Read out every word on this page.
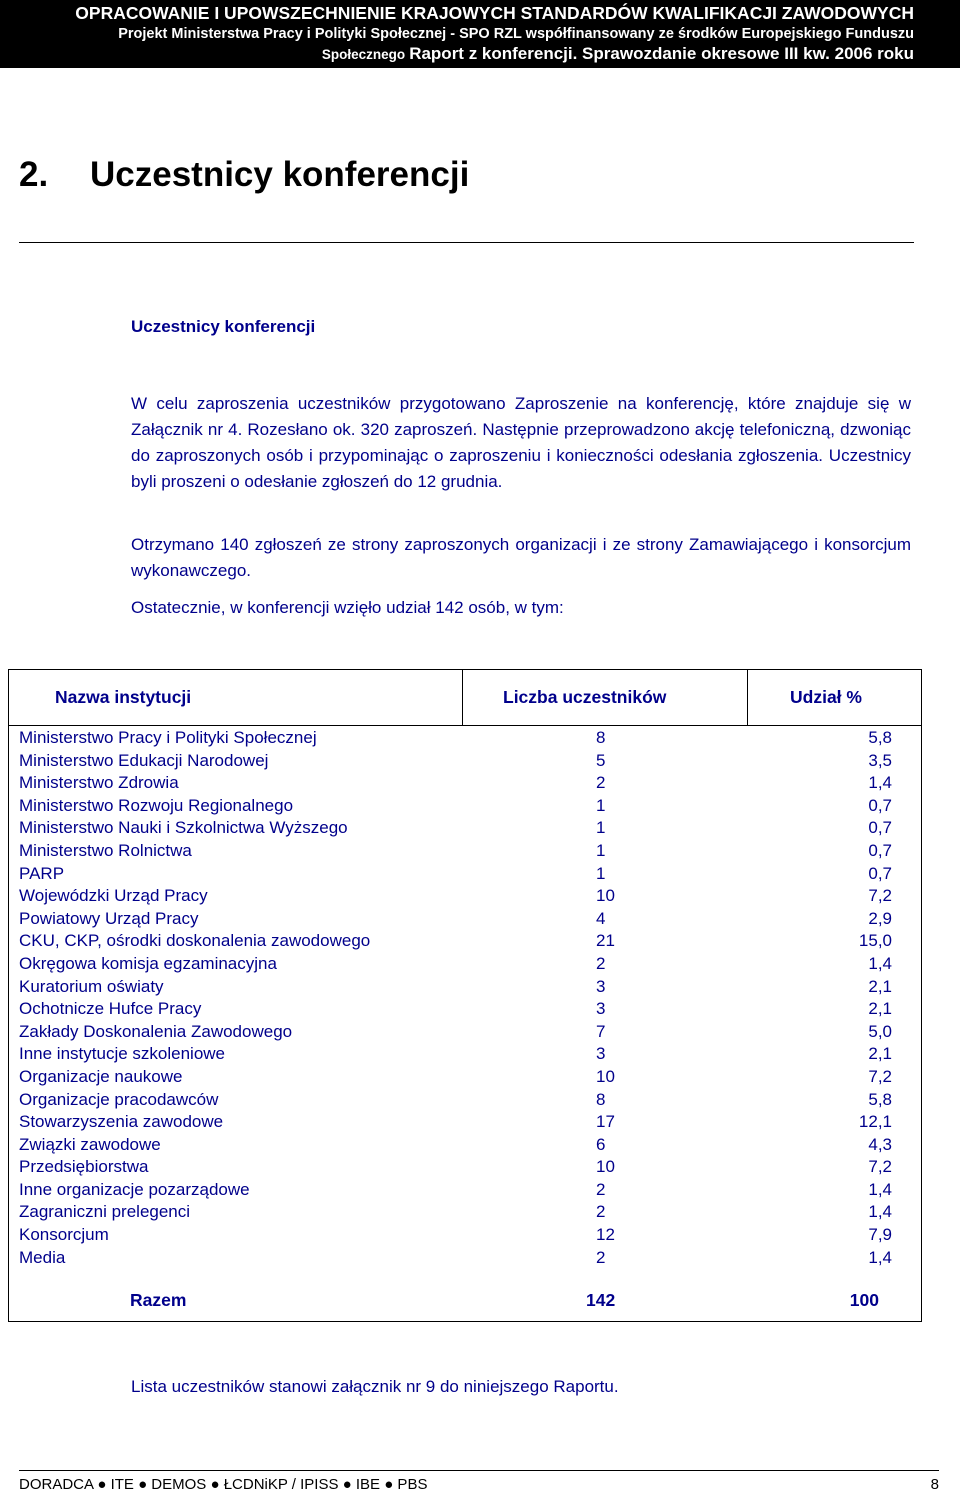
OPRACOWANIE I UPOWSZECHNIENIE KRAJOWYCH STANDARDÓW KWALIFIKACJI ZAWODOWYCH
Projekt Ministerstwa Pracy i Polityki Społecznej - SPO RZL współfinansowany ze środków Europejskiego Funduszu
Społecznego Raport z konferencji. Sprawozdanie okresowe III kw. 2006 roku
2. Uczestnicy konferencji
Uczestnicy konferencji

W celu zaproszenia uczestników przygotowano Zaproszenie na konferencję, które znajduje się w Załącznik nr 4. Rozesłano ok. 320 zaproszeń. Następnie przeprowadzono akcję telefoniczną, dzwoniąc do zaproszonych osób i przypominając o zaproszeniu i konieczności odesłania zgłoszenia. Uczestnicy byli proszeni o odesłanie zgłoszeń do 12 grudnia.

Otrzymano 140 zgłoszeń ze strony zaproszonych organizacji i ze strony Zamawiającego i konsorcjum wykonawczego.

Ostatecznie, w konferencji wzięło udział 142 osób, w tym:

Nazwa instytucji	Liczba uczestników	Udział %
Ministerstwo Pracy i Polityki Społecznej	8	5,8
Ministerstwo Edukacji Narodowej	5	3,5
Ministerstwo Zdrowia	2	1,4
Ministerstwo Rozwoju Regionalnego	1	0,7
Ministerstwo Nauki i Szkolnictwa Wyższego	1	0,7
Ministerstwo Rolnictwa	1	0,7
PARP	1	0,7
Wojewódzki Urząd Pracy	10	7,2
Powiatowy Urząd Pracy	4	2,9
CKU, CKP, ośrodki doskonalenia zawodowego	21	15,0
Okręgowa komisja egzaminacyjna	2	1,4
Kuratorium oświaty	3	2,1
Ochotnicze Hufce Pracy	3	2,1
Zakłady Doskonalenia Zawodowego	7	5,0
Inne instytucje szkoleniowe	3	2,1
Organizacje naukowe	10	7,2
Organizacje pracodawców	8	5,8
Stowarzyszenia zawodowe	17	12,1
Związki zawodowe	6	4,3
Przedsiębiorstwa	10	7,2
Inne organizacje pozarządowe	2	1,4
Zagraniczni prelegenci	2	1,4
Konsorcjum	12	7,9
Media	2	1,4
Razem	142	100

Lista uczestników stanowi załącznik nr 9 do niniejszego Raportu.

DORADCA ● ITE ● DEMOS ● ŁCDNiKP / IPISS ● IBE ● PBS	8
